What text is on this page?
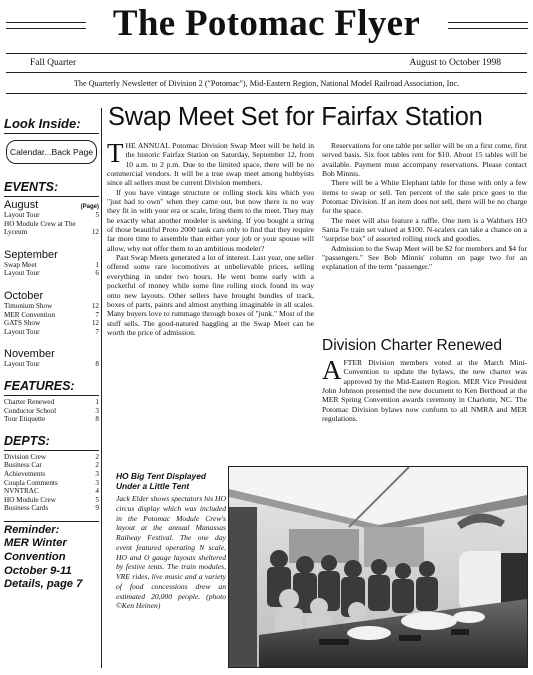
The Potomac Flyer
Fall Quarter	August to October 1998
The Quarterly Newsletter of Division 2 ("Potomac"), Mid-Eastern Region, National Model Railroad Association, Inc.
Look Inside:
Calendar...Back Page
EVENTS:
August	(Page)
Layout Tour	5
HO Module Crew at The Lyceum	12
September
Swap Meet	1
Layout Tour	6
October
Timonium Show	12
MER Convention	7
GATS Show	12
Layout Tour	7
November
Layout Tour	8
FEATURES:
Charter Renewed	1
Conductor School	3
Tour Etiquette	8
DEPTS:
Division Crew	2
Business Car	2
Achievements	3
Coupla Comments	3
NVNTRAC	4
HO Module Crew	5
Business Cards	9
Reminder:
MER Winter
Convention
October 9-11
Details, page 7
Swap Meet Set for Fairfax Station

THE ANNUAL Potomac Division Swap Meet will be held in the historic Fairfax Station on Saturday, September 12, from 10 a.m. to 2 p.m. Due to the limited space, there will be no commercial vendors. It will be a true swap meet among hobbyists since all sellers must be current Division members.

If you have vintage structure or rolling stock kits which you "just had to own" when they came out, but now there is no way they fit in with your era or scale, bring them to the meet. They may be exactly what another modeler is seeking. If you bought a string of those beautiful Proto 2000 tank cars only to find that they require far more time to assemble than either your job or your spouse will allow, why not offer them to an ambitious modeler?

Past Swap Meets generated a lot of interest. Last year, one seller offered some rare locomotives at unbelievable prices, selling everything in under two hours. He went home early with a pocketful of money while some fine rolling stock found its way onto new layouts. Other sellers have brought bundles of track, boxes of parts, paints and almost anything imaginable in all scales. Many buyers love to rummage through boxes of "junk." Most of the stuff sells. The good-natured haggling at the Swap Meet can be worth the price of admission.

Reservations for one table per seller will be on a first come, first served basis. Six foot tables rent for $10. About 15 tables will be available. Payment must accompany reservations. Please contact Bob Minnis.

There will be a White Elephant table for those with only a few items to swap or sell. Ten percent of the sale price goes to the Potomac Division. If an item does not sell, there will be no charge for the space.

The meet will also feature a raffle. One item is a Walthers HO Santa Fe train set valued at $100. N-scalers can take a chance on a "surprise box" of assorted rolling stock and goodies.

Admission to the Swap Meet will be $2 for members and $4 for "passengers." See Bob Minnis' column on page two for an explanation of the term "passenger."

Division Charter Renewed

AFTER Division members voted at the March Mini-Convention to update the bylaws, the new charter was approved by the Mid-Eastern Region. MER Vice President John Johnson presented the new document to Ken Berthoud at the MER Spring Convention awards ceremony in Charlotte, NC. The Potomac Division bylaws now conform to all NMRA and MER regulations.

HO Big Tent Displayed Under a Little Tent
Jack Elder shows spectators his HO circus display which was included in the Potomac Module Crew's layout at the annual Manassas Railway Festival. The one day event featured operating N scale, HO and O gauge layouts sheltered by festive tents. The train modules, VRE rides, live music and a variety of food concessions drew an estimated 20,000 people. (photo ©Ken Heinen)
